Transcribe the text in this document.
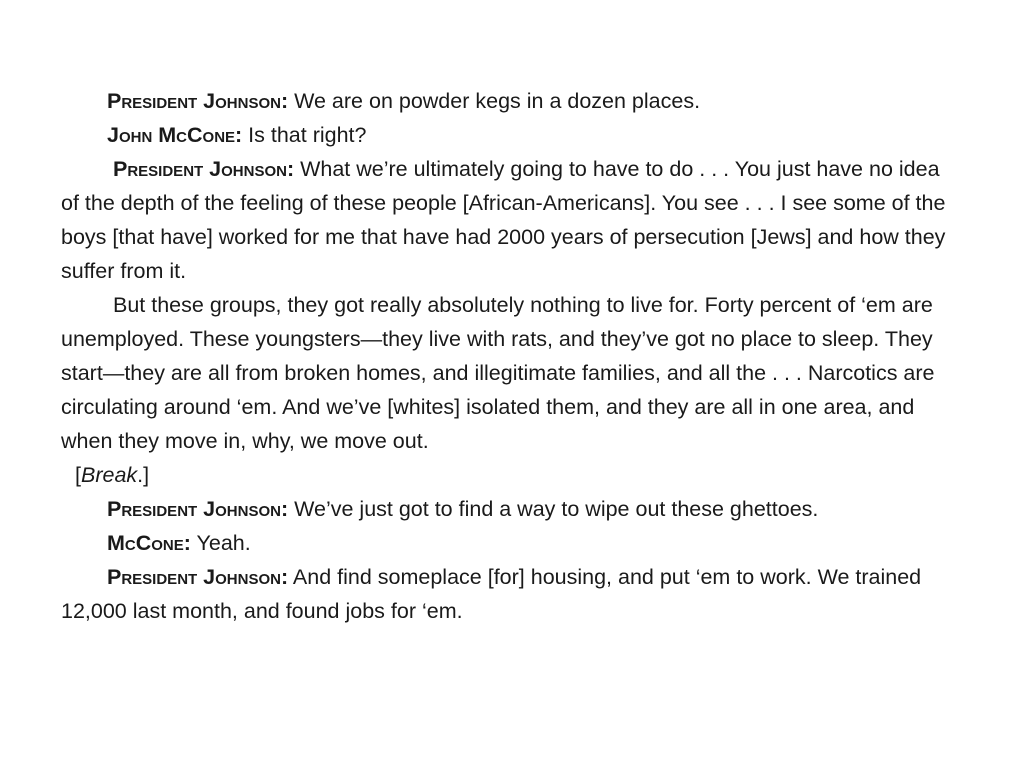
President Johnson: We are on powder kegs in a dozen places.

John McCone: Is that right?

President Johnson: What we’re ultimately going to have to do . . . You just have no idea of the depth of the feeling of these people [African-Americans]. You see . . . I see some of the boys [that have] worked for me that have had 2000 years of persecution [Jews] and how they suffer from it.

But these groups, they got really absolutely nothing to live for. Forty percent of ‘em are unemployed. These youngsters—they live with rats, and they’ve got no place to sleep. They start—they are all from broken homes, and illegitimate families, and all the . . . Narcotics are circulating around ‘em. And we’ve [whites] isolated them, and they are all in one area, and when they move in, why, we move out.

[Break.]

President Johnson: We’ve just got to find a way to wipe out these ghettoes.

McCone: Yeah.

President Johnson: And find someplace [for] housing, and put ‘em to work. We trained 12,000 last month, and found jobs for ‘em.
